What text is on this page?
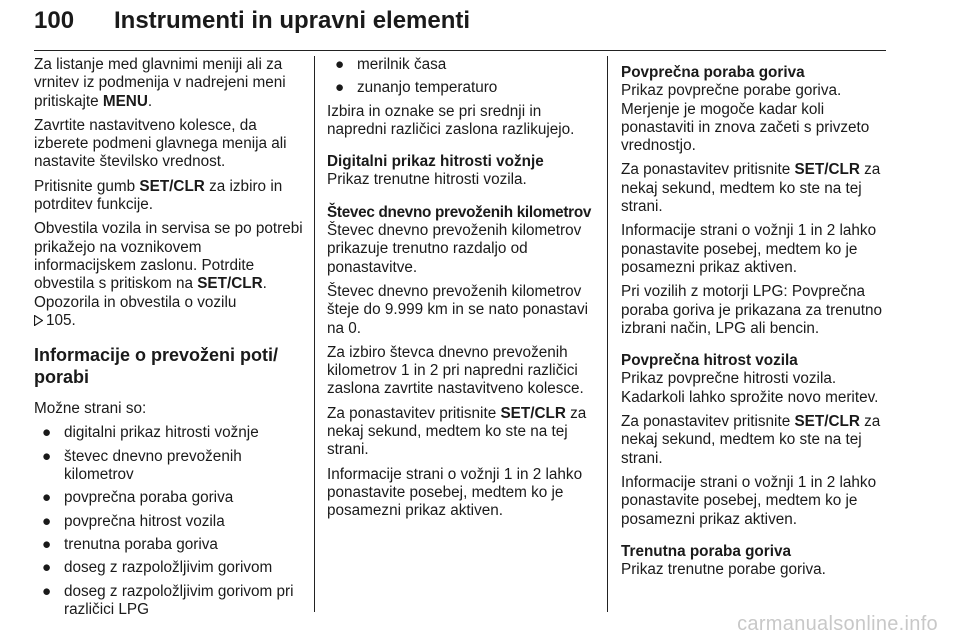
100 Instrumenti in upravni elementi

Za listanje med glavnimi meniji ali za vrnitev iz podmenija v nadrejeni meni pritiskajte MENU.

Zavrtite nastavitveno kolesce, da izberete podmeni glavnega menija ali nastavite številsko vrednost.

Pritisnite gumb SET/CLR za izbiro in potrditev funkcije.

Obvestila vozila in servisa se po potrebi prikažejo na voznikovem informacijskem zaslonu. Potrdite obvestila s pritiskom na SET/CLR. Opozorila in obvestila o vozilu
105.

Informacije o prevoženi poti/ porabi

Možne strani so:

● digitalni prikaz hitrosti vožnje
● števec dnevno prevoženih kilometrov
● povprečna poraba goriva
● povprečna hitrost vozila
● trenutna poraba goriva
● doseg z razpoložljivim gorivom
● doseg z razpoložljivim gorivom pri različici LPG
● merilnik časa
● zunanjo temperaturo

Izbira in oznake se pri srednji in napredni različici zaslona razlikujejo.

Digitalni prikaz hitrosti vožnje

Prikaz trenutne hitrosti vozila.

Števec dnevno prevoženih kilometrov

Števec dnevno prevoženih kilometrov prikazuje trenutno razdaljo od ponastavitve.

Števec dnevno prevoženih kilometrov šteje do 9.999 km in se nato ponastavi na 0.

Za izbiro števca dnevno prevoženih kilometrov 1 in 2 pri napredni različici zaslona zavrtite nastavitveno kolesce.

Za ponastavitev pritisnite SET/CLR za nekaj sekund, medtem ko ste na tej strani.

Informacije strani o vožnji 1 in 2 lahko ponastavite posebej, medtem ko je posamezni prikaz aktiven.

Povprečna poraba goriva

Prikaz povprečne porabe goriva. Merjenje je mogoče kadar koli ponastaviti in znova začeti s privzeto vrednostjo.

Za ponastavitev pritisnite SET/CLR za nekaj sekund, medtem ko ste na tej strani.

Informacije strani o vožnji 1 in 2 lahko ponastavite posebej, medtem ko je posamezni prikaz aktiven.

Pri vozilih z motorji LPG: Povprečna poraba goriva je prikazana za trenutno izbrani način, LPG ali bencin.

Povprečna hitrost vozila

Prikaz povprečne hitrosti vozila. Kadarkoli lahko sprožite novo meritev.

Za ponastavitev pritisnite SET/CLR za nekaj sekund, medtem ko ste na tej strani.

Informacije strani o vožnji 1 in 2 lahko ponastavite posebej, medtem ko je posamezni prikaz aktiven.

Trenutna poraba goriva

Prikaz trenutne porabe goriva.

carmanualsonline.info
